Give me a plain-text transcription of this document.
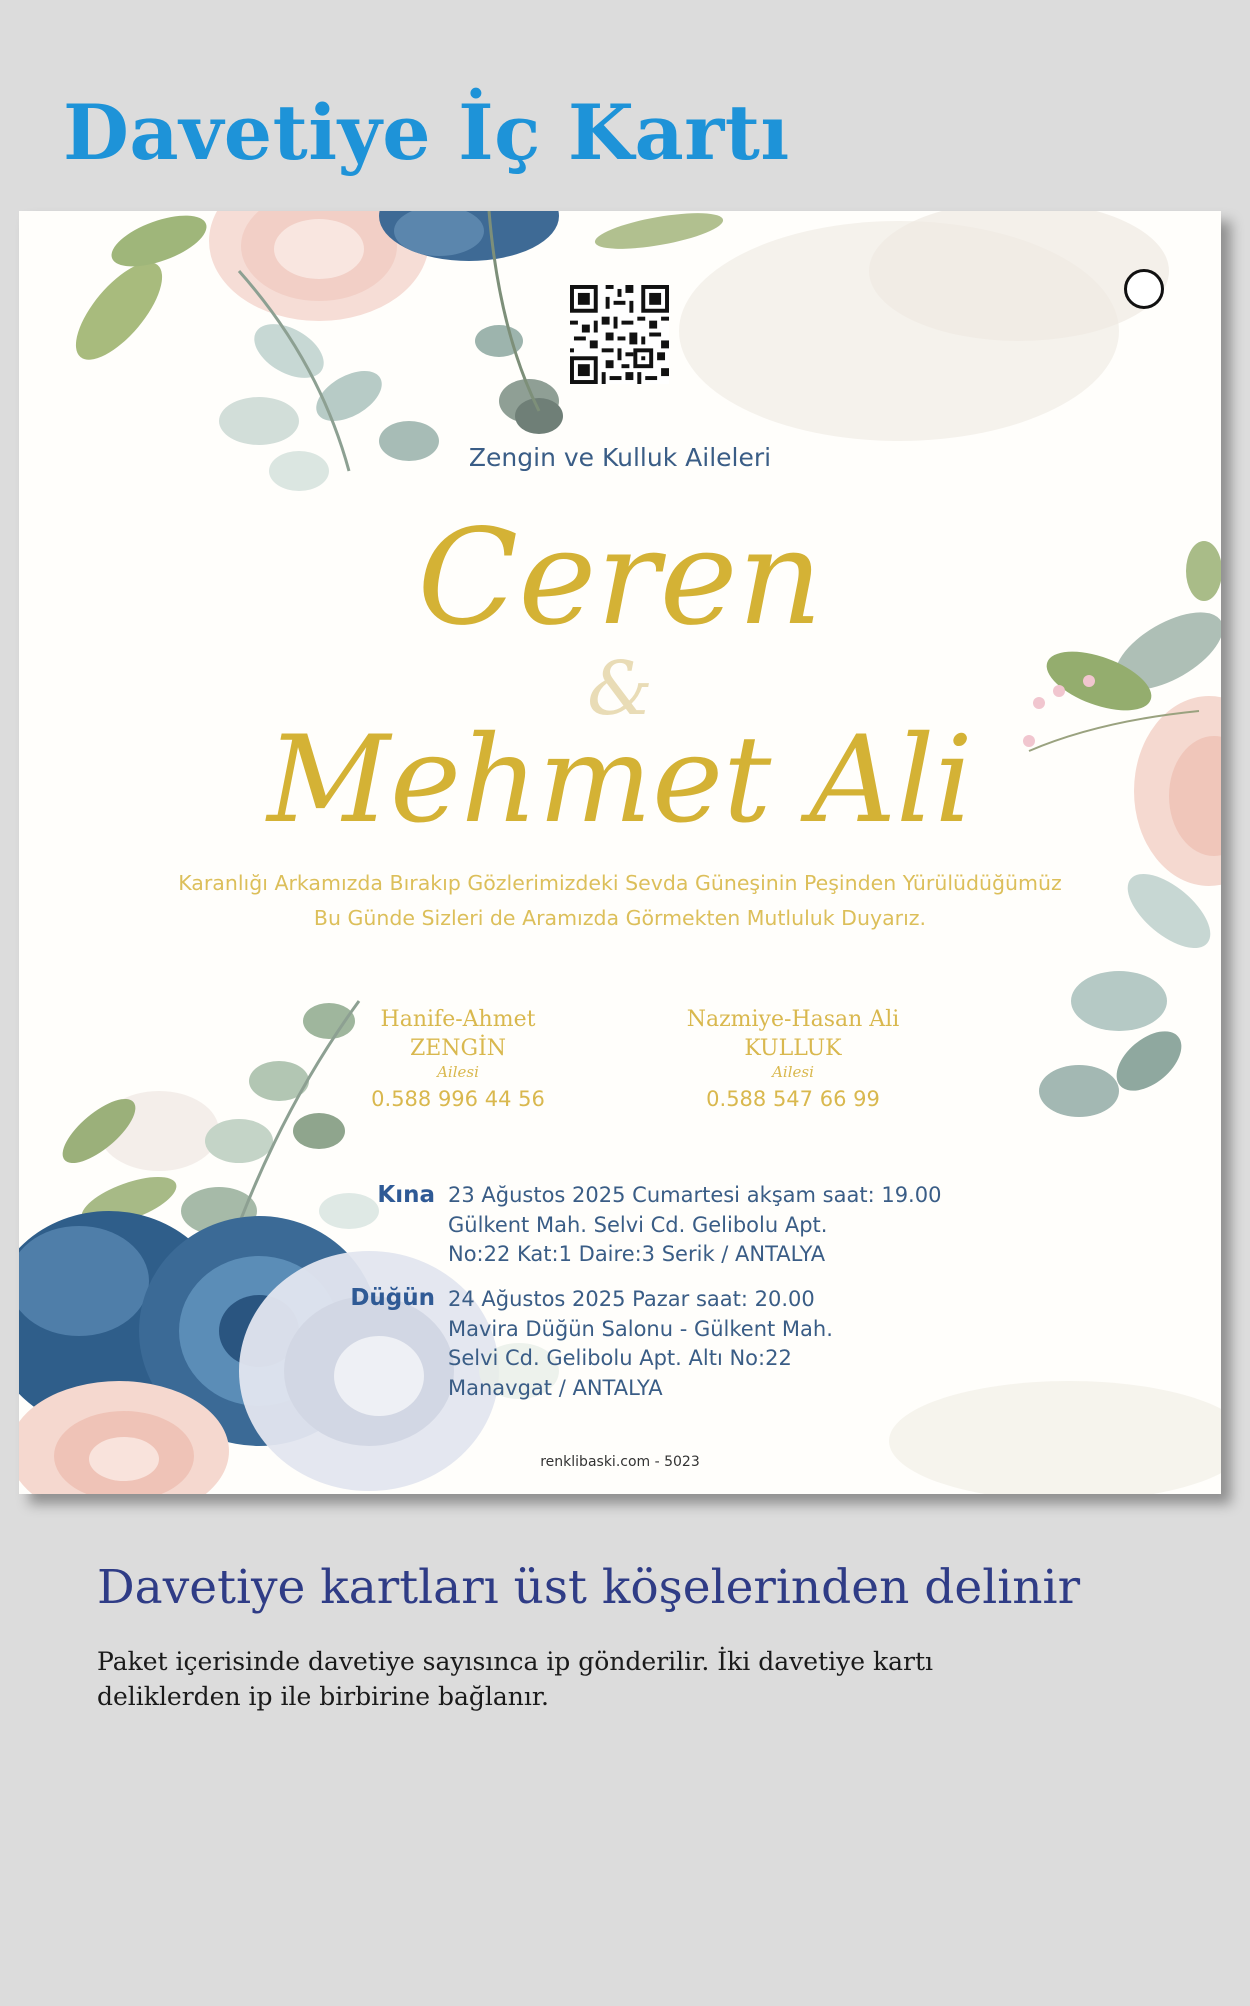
Davetiye İç Kartı
Zengin ve Kulluk Aileleri
Ceren
&
Mehmet Ali
Karanlığı Arkamızda Bırakıp Gözlerimizdeki Sevda Güneşinin Peşinden Yürülüdüğümüz
Bu Günde Sizleri de Aramızda Görmekten Mutluluk Duyarız.
Hanife-Ahmet
ZENGİN
Ailesi
0.588 996 44 56
Nazmiye-Hasan Ali
KULLUK
Ailesi
0.588 547 66 99
Kına 23 Ağustos 2025 Cumartesi akşam saat: 19.00
Gülkent Mah. Selvi Cd. Gelibolu Apt.
No:22 Kat:1 Daire:3 Serik / ANTALYA
Düğün 24 Ağustos 2025 Pazar saat: 20.00
Mavira Düğün Salonu - Gülkent Mah.
Selvi Cd. Gelibolu Apt. Altı No:22
Manavgat / ANTALYA
renklibaski.com - 5023
Davetiye kartları üst köşelerinden delinir

Paket içerisinde davetiye sayısınca ip gönderilir. İki davetiye kartı deliklerden ip ile birbirine bağlanır.
